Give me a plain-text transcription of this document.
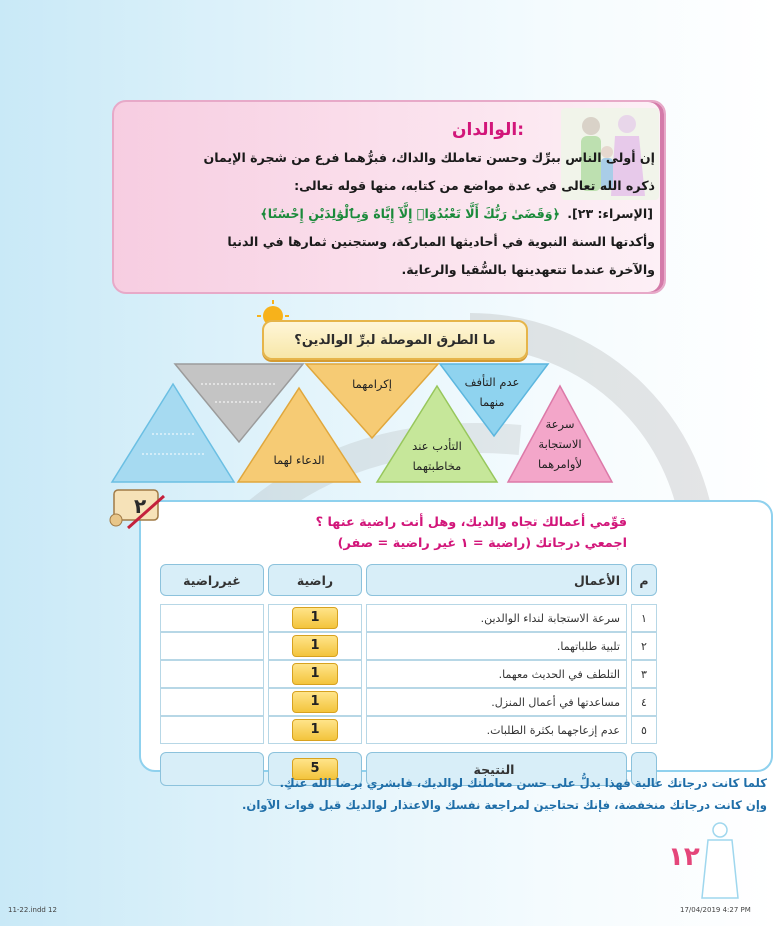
الوالدان:
إن أولى الناس ببرِّك وحسن تعاملك والداك، فبرُّهما فرع من شجرة الإيمان
ذكره الله تعالى في عدة مواضع من كتابه، منها قوله تعالى:
﴿وَقَضَىٰ رَبُّكَ أَلَّا تَعْبُدُوٓا۟ إِلَّآ إِيَّاهُ وَبِٱلْوَٰلِدَيْنِ إِحْسَٰنًا﴾ [الإسراء: ٢٣].
وأكدتها السنة النبوية في أحاديثها المباركة، وستجنين ثمارها في الدنيا
والآخرة عندما تتعهدينها بالسُّقيا والرعاية.
ما الطرق الموصلة لبرِّ الوالدين؟
عدم التأفف منهما
إكرامهما
سرعة الاستجابة لأوامرهما
التأدب عند مخاطبتهما
الدعاء لهما
٢
قوِّمي أعمالك تجاه والديك، وهل أنت راضية عنها ؟
اجمعي درجاتك (راضية = ١ غير راضية = صفر)
م	الأعمال	راضية	غيرراضية

١	سرعة الاستجابة لنداء الوالدين.	1	
٢	تلبية طلباتهما.	1	
٣	التلطف في الحديث معهما.	1	
٤	مساعدتها في أعمال المنزل.	1	
٥	عدم إزعاجهما بكثرة الطلبات.	1	

	النتيجة	5	
كلما كانت درجاتك عالية فهذا يدلُّ على حسن معاملتك لوالديك، فابشري برضا الله عنكِ.
وإن كانت درجاتك منخفضة، فإنك تحتاجين لمراجعة نفسك والاعتذار لوالديك قبل فوات الآوان.
١٢
11-22.indd 12	17/04/2019 4:27 PM
